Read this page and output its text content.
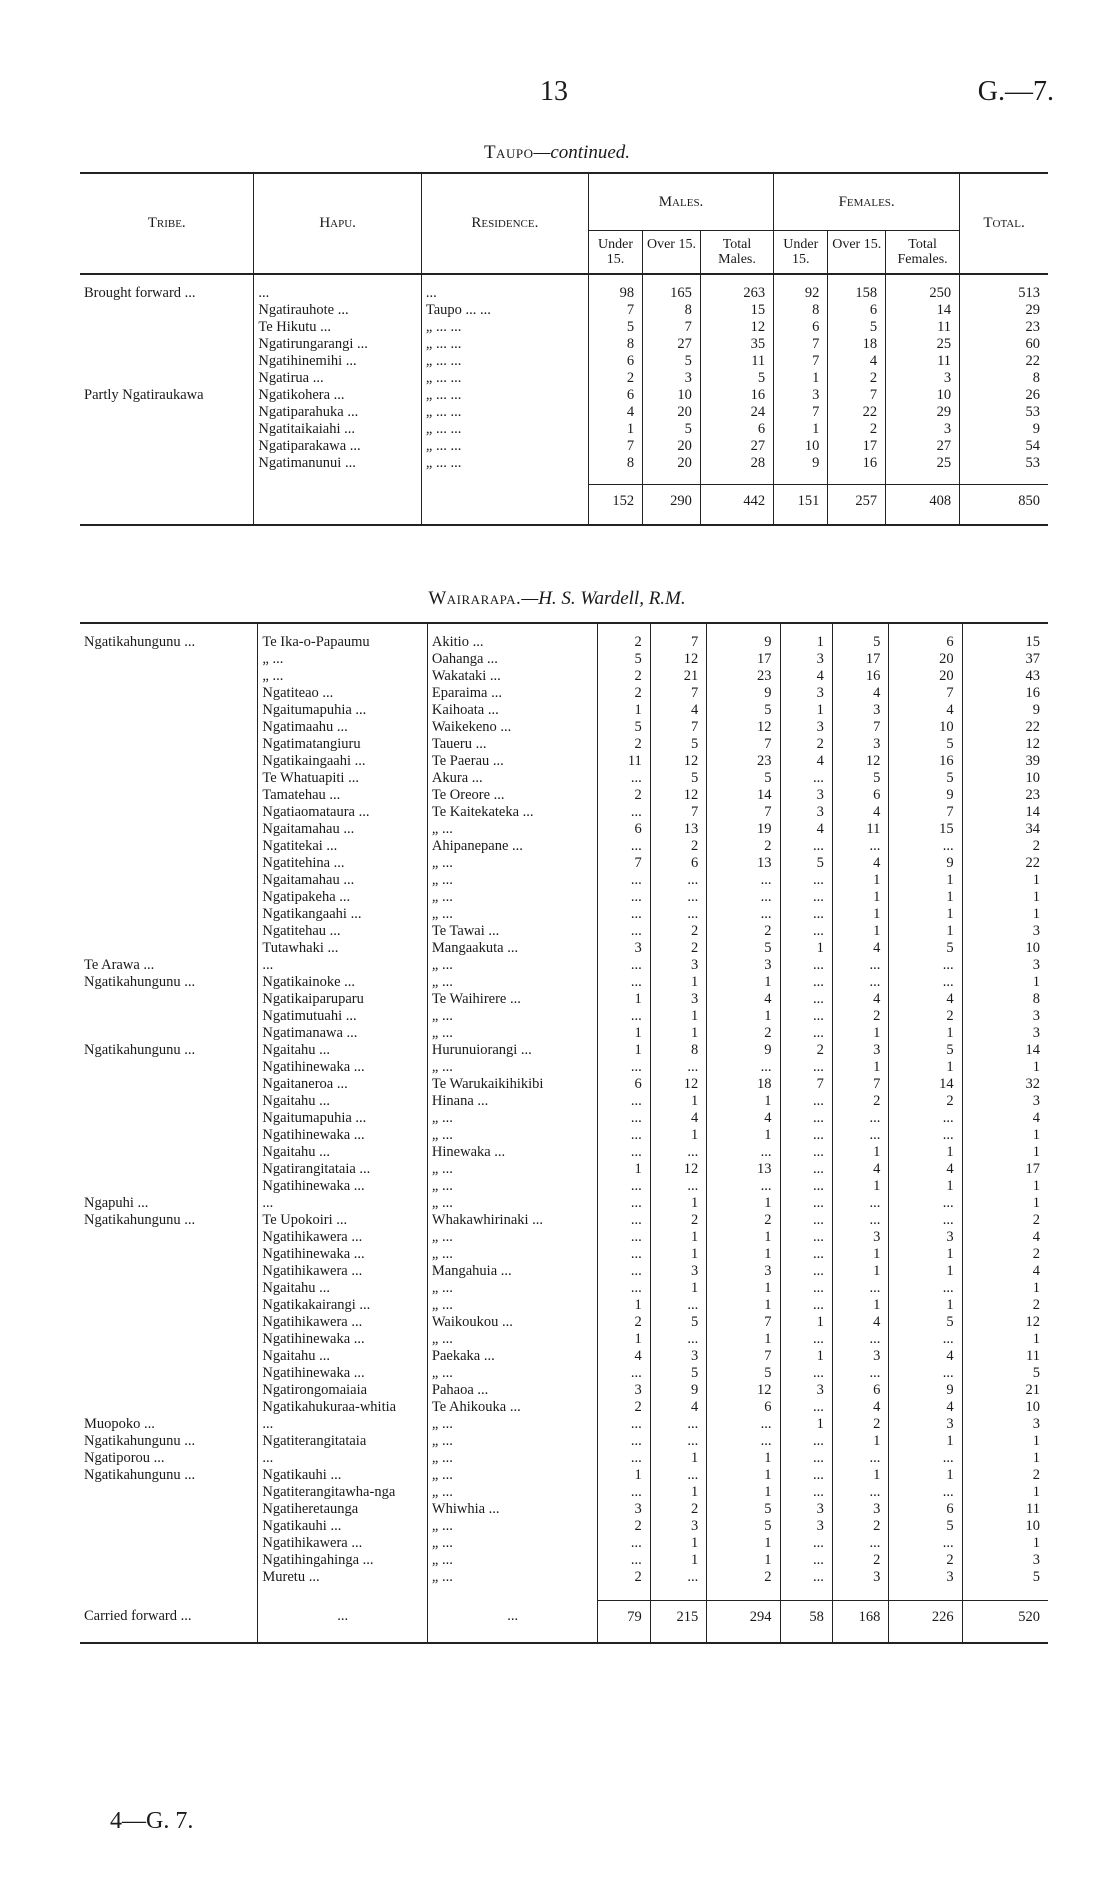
13	G.—7.
Taupo—continued.
Tribe.	Hapu.	Residence.	Males.			Females.			Total.
			Under 15.	Over 15.	Total Males.	Under 15.	Over 15.	Total Females.	
Brought forward ...	...	...	98	165	263	92	158	250	513
	Ngatirauhote ...	Taupo ... ...	7	8	15	8	6	14	29
	Te Hikutu ...	„ ... ...	5	7	12	6	5	11	23
	Ngatirungarangi ...	„ ... ...	8	27	35	7	18	25	60
	Ngatihinemihi ...	„ ... ...	6	5	11	7	4	11	22
	Ngatirua ...	„ ... ...	2	3	5	1	2	3	8
Partly Ngatiraukawa	Ngatikohera ...	„ ... ...	6	10	16	3	7	10	26
	Ngatiparahuka ...	„ ... ...	4	20	24	7	22	29	53
	Ngatitaikaiahi ...	„ ... ...	1	5	6	1	2	3	9
	Ngatiparakawa ...	„ ... ...	7	20	27	10	17	27	54
	Ngatimanunui ...	„ ... ...	8	20	28	9	16	25	53

			152	290	442	151	257	408	850

Wairarapa.—H. S. Wardell, R.M.
Ngatikahungunu ...	Te Ika-o-Papaumu	Akitio ...	2	7	9	1	5	6	15
	„ ...	Oahanga ...	5	12	17	3	17	20	37
	„ ...	Wakataki ...	2	21	23	4	16	20	43
	Ngatiteao ...	Eparaima ...	2	7	9	3	4	7	16
	Ngaitumapuhia ...	Kaihoata ...	1	4	5	1	3	4	9
	Ngatimaahu ...	Waikekeno ...	5	7	12	3	7	10	22
	Ngatimatangiuru	Taueru ...	2	5	7	2	3	5	12
	Ngatikaingaahi ...	Te Paerau ...	11	12	23	4	12	16	39
	Te Whatuapiti ...	Akura ...	...	5	5	...	5	5	10
	Tamatehau ...	Te Oreore ...	2	12	14	3	6	9	23
	Ngatiaomataura ...	Te Kaitekateka ...	...	7	7	3	4	7	14
	Ngaitamahau ...	„ ...	6	13	19	4	11	15	34
	Ngatitekai ...	Ahipanepane ...	...	2	2	...	...	...	2
	Ngatitehina ...	„ ...	7	6	13	5	4	9	22
	Ngaitamahau ...	„ ...	...	...	...	...	1	1	1
	Ngatipakeha ...	„ ...	...	...	...	...	1	1	1
	Ngatikangaahi ...	„ ...	...	...	...	...	1	1	1
	Ngatitehau ...	Te Tawai ...	...	2	2	...	1	1	3
	Tutawhaki ...	Mangaakuta ...	3	2	5	1	4	5	10
Te Arawa ...	...	„ ...	...	3	3	...	...	...	3
Ngatikahungunu ...	Ngatikainoke ...	„ ...	...	1	1	...	...	...	1
	Ngatikaiparuparu	Te Waihirere ...	1	3	4	...	4	4	8
	Ngatimutuahi ...	„ ...	...	1	1	...	2	2	3
	Ngatimanawa ...	„ ...	1	1	2	...	1	1	3
Ngatikahungunu ...	Ngaitahu ...	Hurunuiorangi ...	1	8	9	2	3	5	14
	Ngatihinewaka ...	„ ...	...	...	...	...	1	1	1
	Ngaitaneroa ...	Te Warukaikihikibi	6	12	18	7	7	14	32
	Ngaitahu ...	Hinana ...	...	1	1	...	2	2	3
	Ngaitumapuhia ...	„ ...	...	4	4	...	...	...	4
	Ngatihinewaka ...	„ ...	...	1	1	...	...	...	1
	Ngaitahu ...	Hinewaka ...	...	...	...	...	1	1	1
	Ngatirangitataia ...	„ ...	1	12	13	...	4	4	17
	Ngatihinewaka ...	„ ...	...	...	...	...	1	1	1
Ngapuhi ...	...	„ ...	...	1	1	...	...	...	1
Ngatikahungunu ...	Te Upokoiri ...	Whakawhirinaki ...	...	2	2	...	...	...	2
	Ngatihikawera ...	„ ...	...	1	1	...	3	3	4
	Ngatihinewaka ...	„ ...	...	1	1	...	1	1	2
	Ngatihikawera ...	Mangahuia ...	...	3	3	...	1	1	4
	Ngaitahu ...	„ ...	...	1	1	...	...	...	1
	Ngatikakairangi ...	„ ...	1	...	1	...	1	1	2
	Ngatihikawera ...	Waikoukou ...	2	5	7	1	4	5	12
	Ngatihinewaka ...	„ ...	1	...	1	...	...	...	1
	Ngaitahu ...	Paekaka ...	4	3	7	1	3	4	11
	Ngatihinewaka ...	„ ...	...	5	5	...	...	...	5
	Ngatirongomaiaia	Pahaoa ...	3	9	12	3	6	9	21
	Ngatikahukuraa-whitia	Te Ahikouka ...	2	4	6	...	4	4	10
Muopoko ...	...	„ ...	...	...	...	1	2	3	3
Ngatikahungunu ...	Ngatiterangitataia	„ ...	...	...	...	...	1	1	1
Ngatiporou ...	...	„ ...	...	1	1	...	...	...	1
Ngatikahungunu ...	Ngatikauhi ...	„ ...	1	...	1	...	1	1	2
	Ngatiterangitawha-nga	„ ...	...	1	1	...	...	...	1
	Ngatiheretaunga	Whiwhia ...	3	2	5	3	3	6	11
	Ngatikauhi ...	„ ...	2	3	5	3	2	5	10
	Ngatihikawera ...	„ ...	...	1	1	...	...	...	1
	Ngatihingahinga ...	„ ...	...	1	1	...	2	2	3
	Muretu ...	„ ...	2	...	2	...	3	3	5

Carried forward ...	...	...	79	215	294	58	168	226	520

4—G. 7.
